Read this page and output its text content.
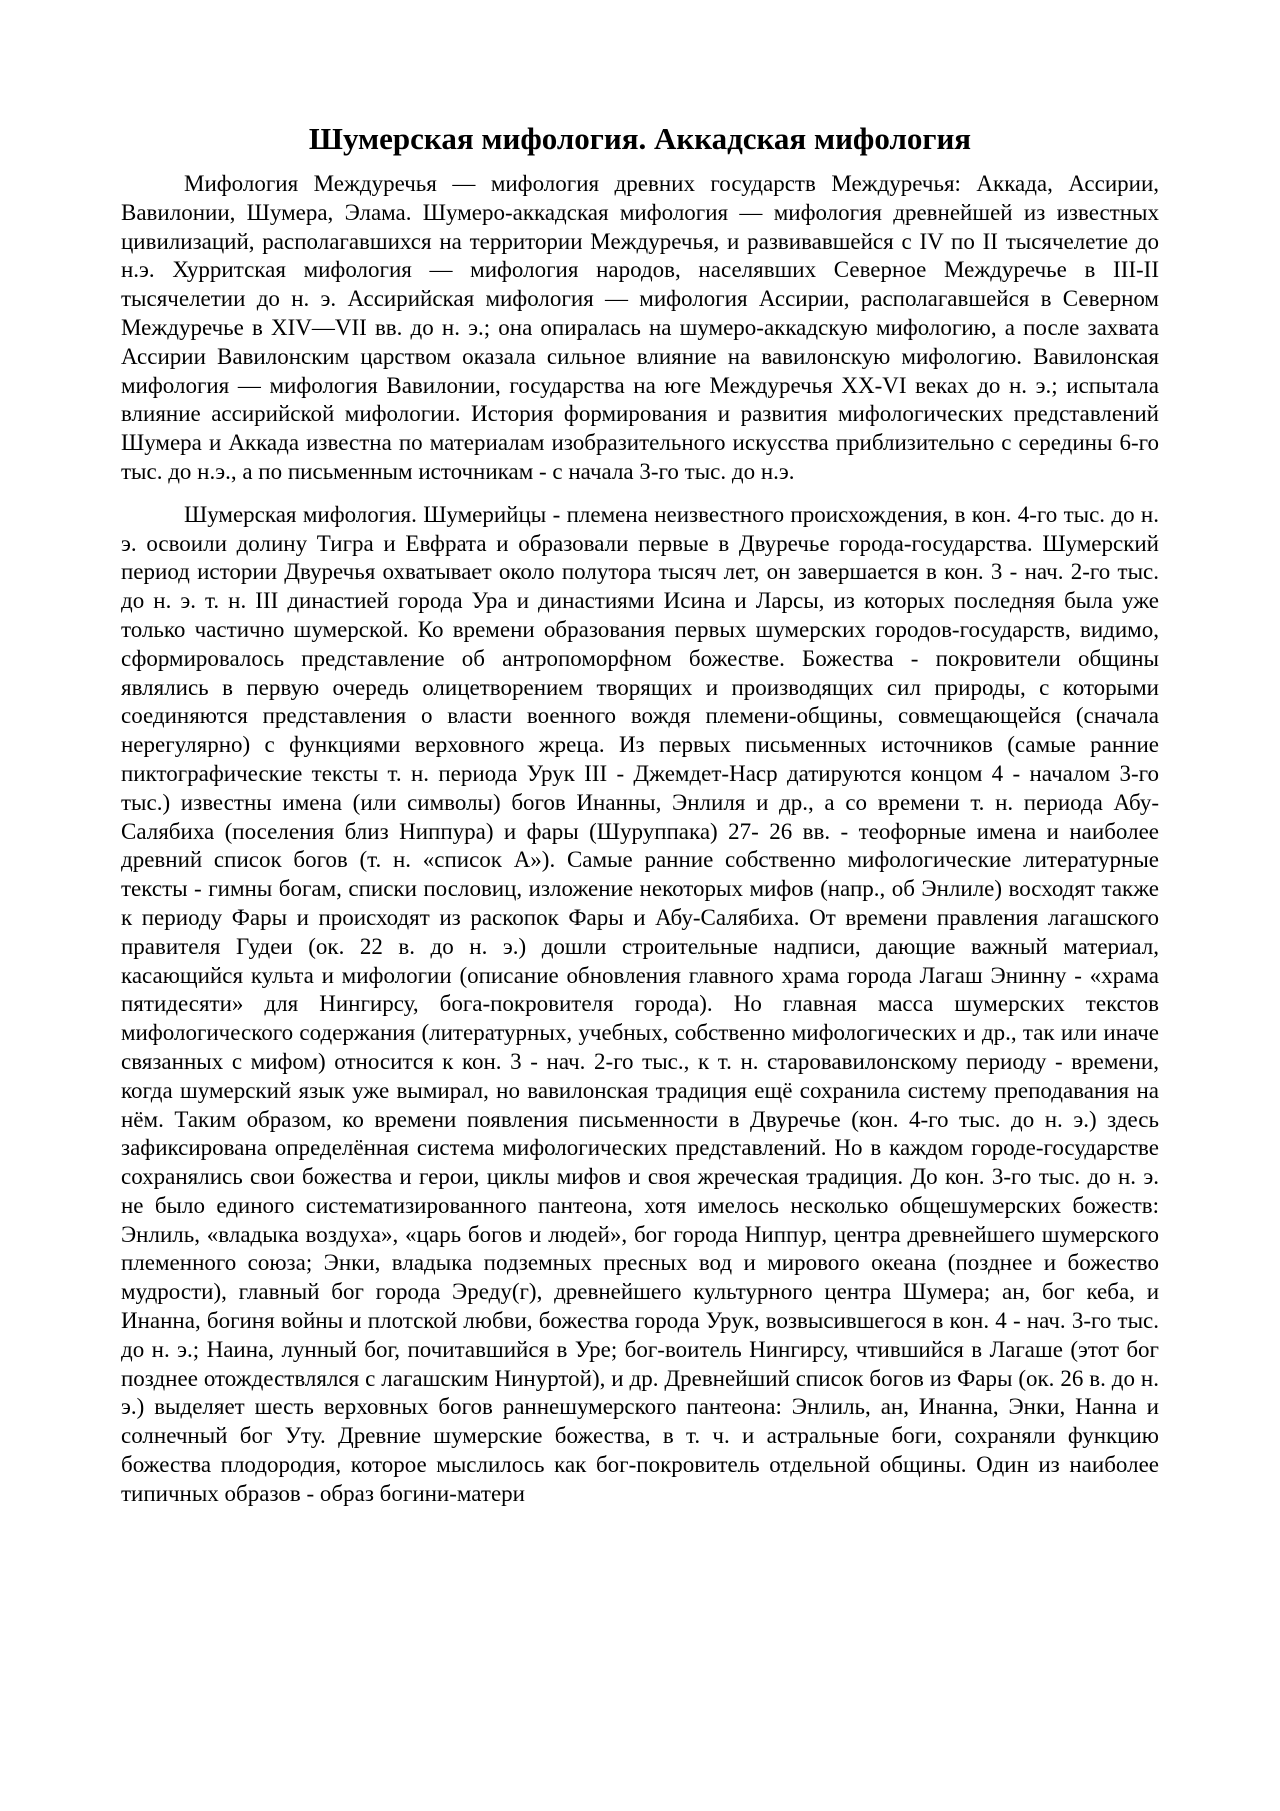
Шумерская мифология. Аккадская мифология

Мифология Междуречья — мифология древних государств Междуречья: Аккада, Ассирии, Вавилонии, Шумера, Элама. Шумеро-аккадская мифология — мифология древнейшей из известных цивилизаций, располагавшихся на территории Междуречья, и развивавшейся с IV по II тысячелетие до н.э. Хурритская мифология — мифология народов, населявших Северное Междуречье в III-II тысячелетии до н. э. Ассирийская мифология — мифология Ассирии, располагавшейся в Северном Междуречье в XIV—VII вв. до н. э.; она опиралась на шумеро-аккадскую мифологию, а после захвата Ассирии Вавилонским царством оказала сильное влияние на вавилонскую мифологию. Вавилонская мифология — мифология Вавилонии, государства на юге Междуречья XX-VI веках до н. э.; испытала влияние ассирийской мифологии. История формирования и развития мифологических представлений Шумера и Аккада известна по материалам изобразительного искусства приблизительно с середины 6-го тыс. до н.э., а по письменным источникам - с начала 3-го тыс. до н.э.

Шумерская мифология. Шумерийцы - племена неизвестного происхождения, в кон. 4-го тыс. до н. э. освоили долину Тигра и Евфрата и образовали первые в Двуречье города-государства. Шумерский период истории Двуречья охватывает около полутора тысяч лет, он завершается в кон. 3 - нач. 2-го тыс. до н. э. т. н. III династией города Ура и династиями Исина и Ларсы, из которых последняя была уже только частично шумерской. Ко времени образования первых шумерских городов-государств, видимо, сформировалось представление об антропоморфном божестве. Божества - покровители общины являлись в первую очередь олицетворением творящих и производящих сил природы, с которыми соединяются представления о власти военного вождя племени-общины, совмещающейся (сначала нерегулярно) с функциями верховного жреца. Из первых письменных источников (самые ранние пиктографические тексты т. н. периода Урук III - Джемдет-Наср датируются концом 4 - началом 3-го тыс.) известны имена (или символы) богов Инанны, Энлиля и др., а со времени т. н. периода Абу-Салябиха (поселения близ Ниппура) и фары (Шуруппака) 27- 26 вв. - теофорные имена и наиболее древний список богов (т. н. «список А»). Самые ранние собственно мифологические литературные тексты - гимны богам, списки пословиц, изложение некоторых мифов (напр., об Энлиле) восходят также к периоду Фары и происходят из раскопок Фары и Абу-Салябиха. От времени правления лагашского правителя Гудеи (ок. 22 в. до н. э.) дошли строительные надписи, дающие важный материал, касающийся культа и мифологии (описание обновления главного храма города Лагаш Энинну - «храма пятидесяти» для Нингирсу, бога-покровителя города). Но главная масса шумерских текстов мифологического содержания (литературных, учебных, собственно мифологических и др., так или иначе связанных с мифом) относится к кон. 3 - нач. 2-го тыс., к т. н. старовавилонскому периоду - времени, когда шумерский язык уже вымирал, но вавилонская традиция ещё сохранила систему преподавания на нём. Таким образом, ко времени появления письменности в Двуречье (кон. 4-го тыс. до н. э.) здесь зафиксирована определённая система мифологических представлений. Но в каждом городе-государстве сохранялись свои божества и герои, циклы мифов и своя жреческая традиция. До кон. 3-го тыс. до н. э. не было единого систематизированного пантеона, хотя имелось несколько общешумерских божеств: Энлиль, «владыка воздуха», «царь богов и людей», бог города Ниппур, центра древнейшего шумерского племенного союза; Энки, владыка подземных пресных вод и мирового океана (позднее и божество мудрости), главный бог города Эреду(г), древнейшего культурного центра Шумера; ан, бог кеба, и Инанна, богиня войны и плотской любви, божества города Урук, возвысившегося в кон. 4 - нач. 3-го тыс. до н. э.; Наина, лунный бог, почитавшийся в Уре; бог-воитель Нингирсу, чтившийся в Лагаше (этот бог позднее отождествлялся с лагашским Нинуртой), и др. Древнейший список богов из Фары (ок. 26 в. до н. э.) выделяет шесть верховных богов раннешумерского пантеона: Энлиль, ан, Инанна, Энки, Нанна и солнечный бог Уту. Древние шумерские божества, в т. ч. и астральные боги, сохраняли функцию божества плодородия, которое мыслилось как бог-покровитель отдельной общины. Один из наиболее типичных образов - образ богини-матери
